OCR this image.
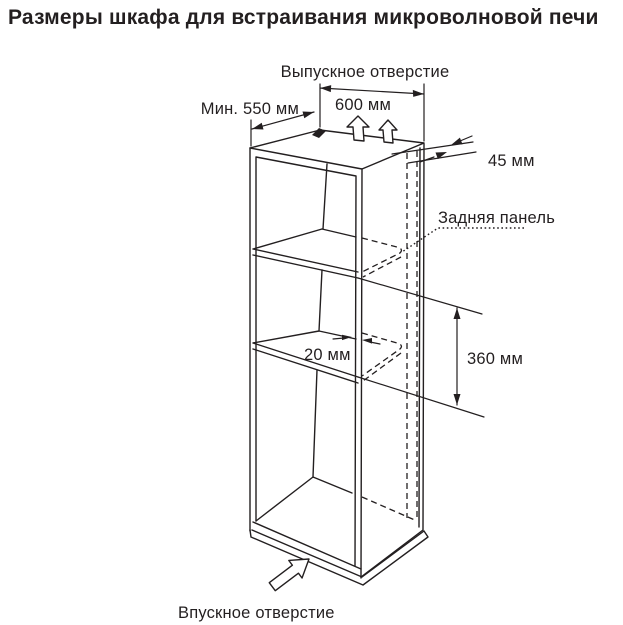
Размеры шкафа для встраивания микроволновой печи
Мин. 550 мм 600 мм
45 мм
360 мм
20 мм
Задняя панель
Выпускное отверстие
Впускное отверстие
